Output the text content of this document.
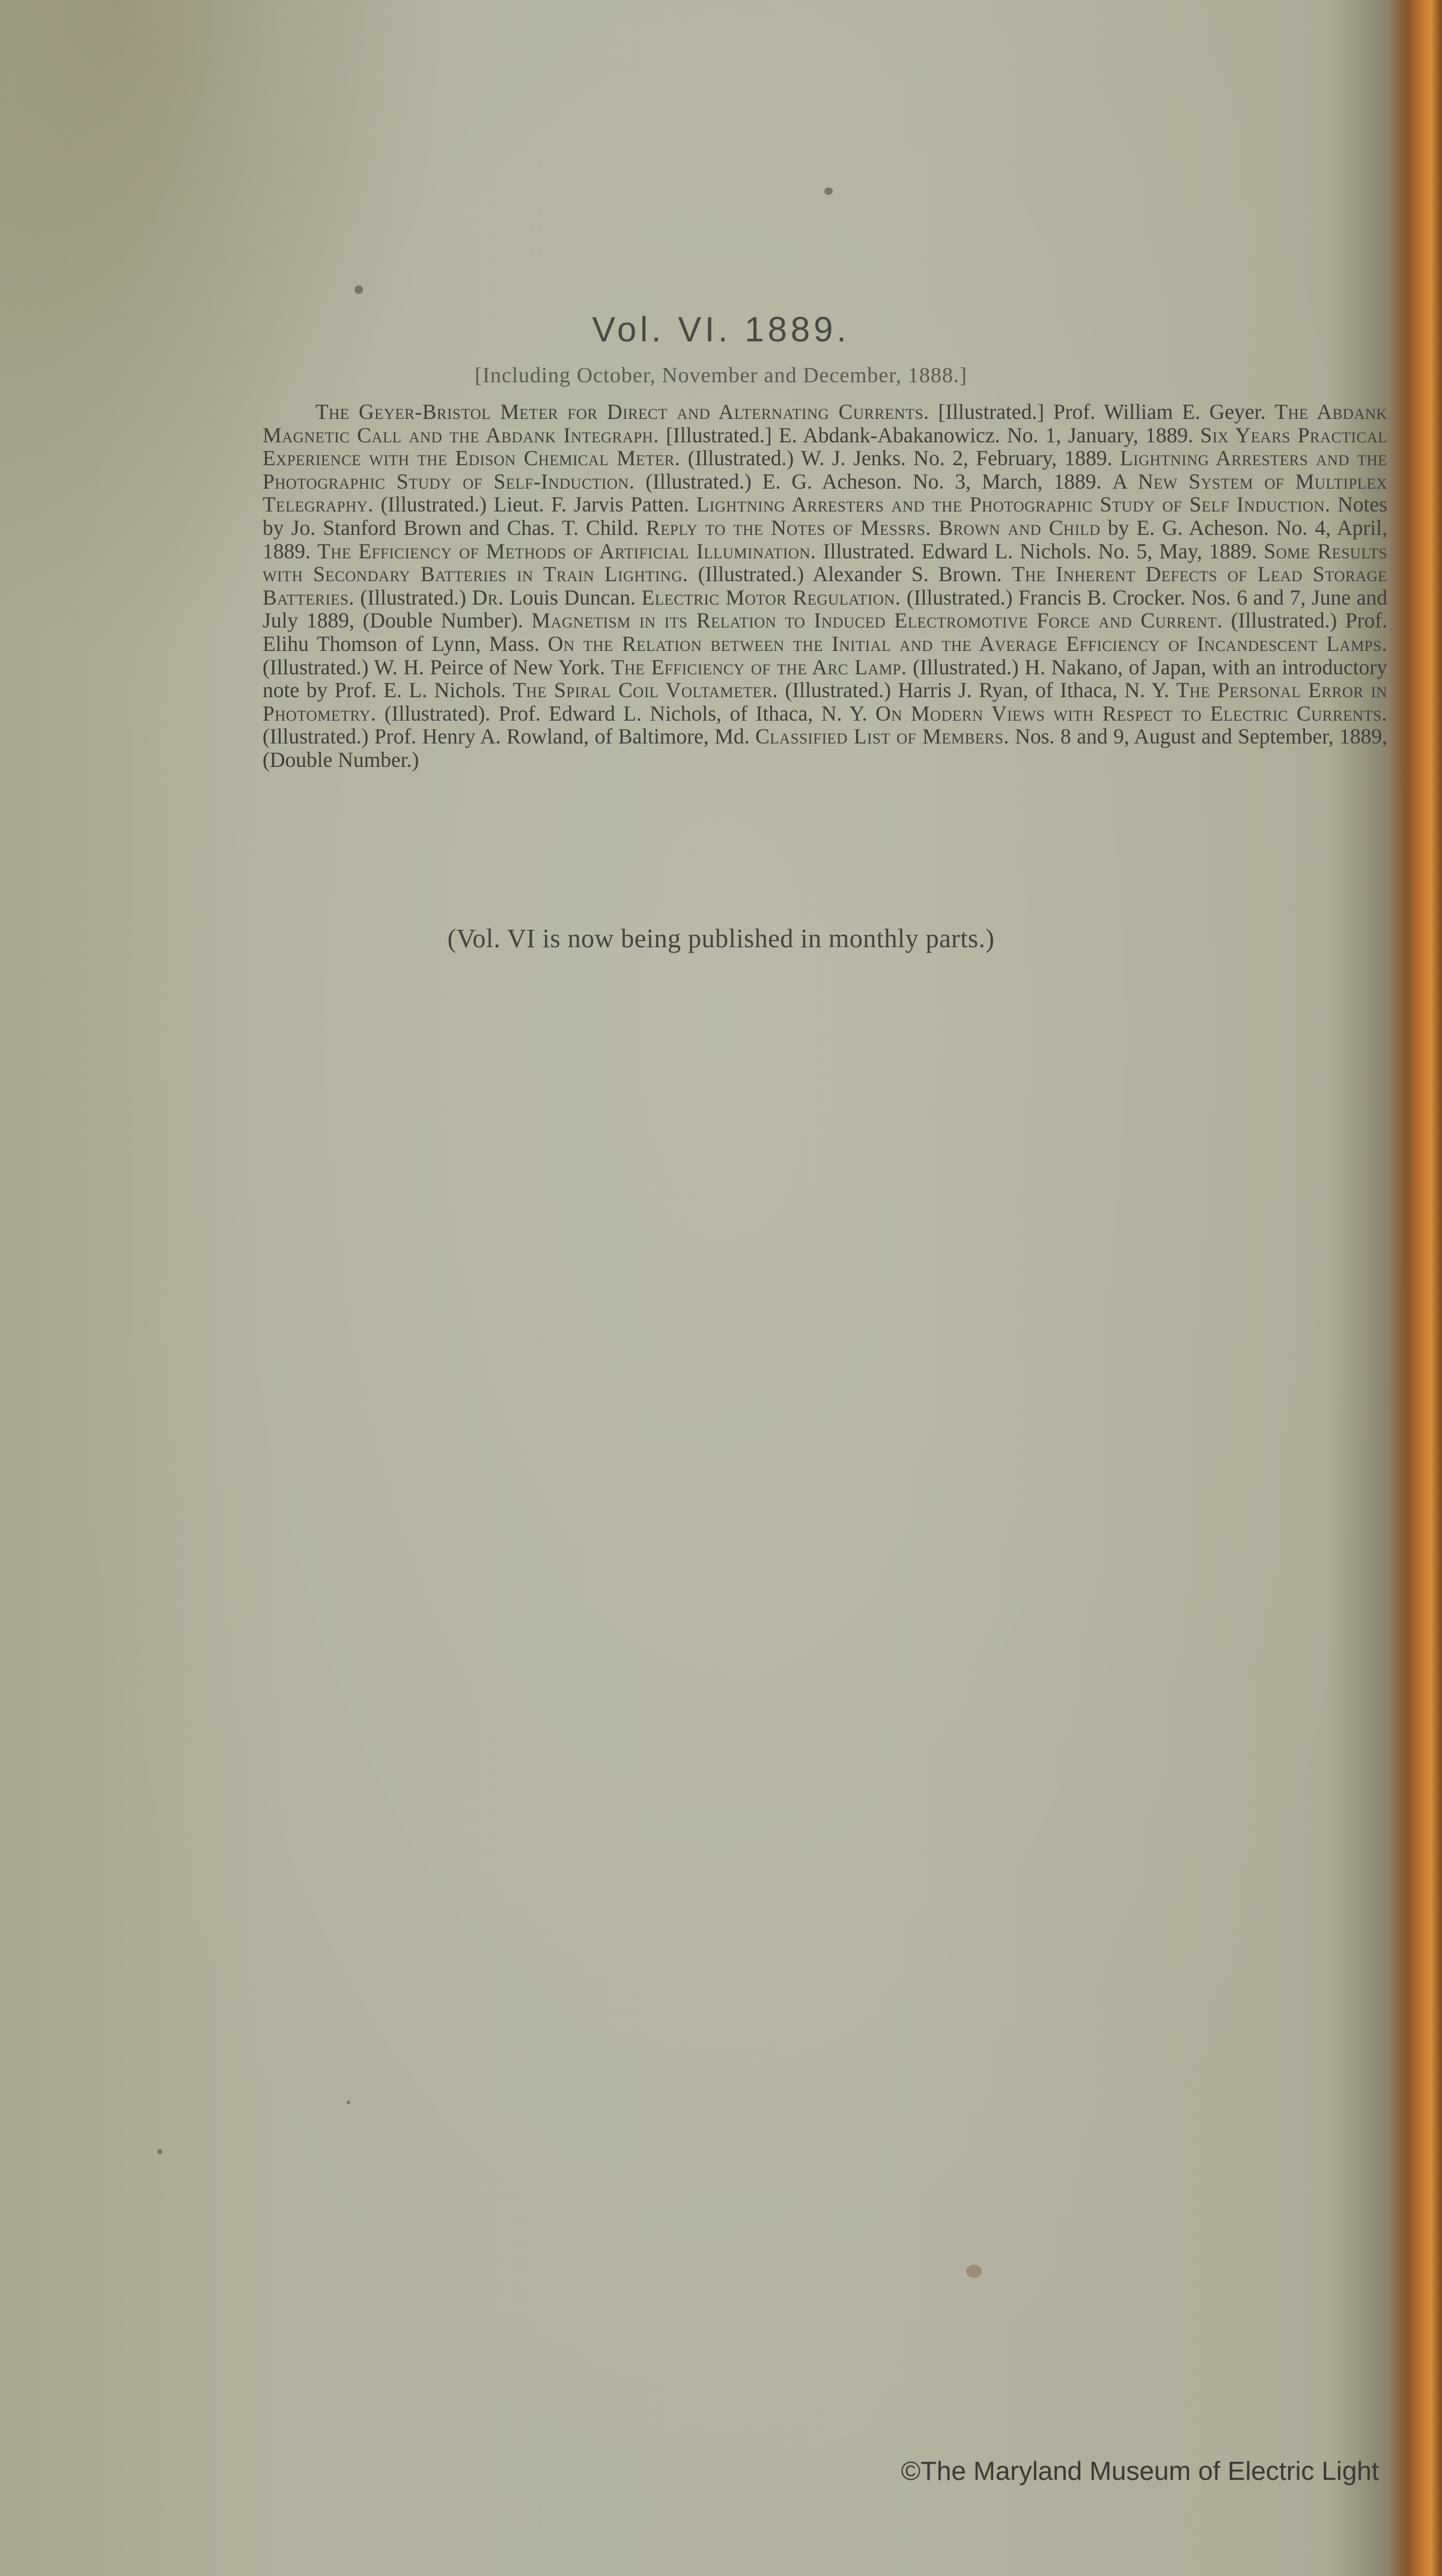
Vol. VI. 1889.
[Including October, November and December, 1888.]

The Geyer-Bristol Meter for Direct and Alternating Currents. [Illustrated.] Prof. William E. Geyer. The Abdank Magnetic Call and the Abdank Integraph. [Illustrated.] E. Abdank-Abakanowicz. No. 1, January, 1889. Six Years Practical Experience with the Edison Chemical Meter. (Illustrated.) W. J. Jenks. No. 2, February, 1889. Lightning Arresters and the Photographic Study of Self-Induction. (Illustrated.) E. G. Acheson. No. 3, March, 1889. A New System of Multiplex Telegraphy. (Illustrated.) Lieut. F. Jarvis Patten. Lightning Arresters and the Photographic Study of Self Induction. Notes by Jo. Stanford Brown and Chas. T. Child. Reply to the Notes of Messrs. Brown and Child by E. G. Acheson. No. 4, April, 1889. The Efficiency of Methods of Artificial Illumination. Illustrated. Edward L. Nichols. No. 5, May, 1889. Some Results with Secondary Batteries in Train Lighting. (Illustrated.) Alexander S. Brown. The Inherent Defects of Lead Storage Batteries. (Illustrated.) Dr. Louis Duncan. Electric Motor Regulation. (Illustrated.) Francis B. Crocker. Nos. 6 and 7, June and July 1889, (Double Number). Magnetism in its Relation to Induced Electromotive Force and Current. (Illustrated.) Prof. Elihu Thomson of Lynn, Mass. On the Relation between the Initial and the Average Efficiency of Incandescent Lamps. (Illustrated.) W. H. Peirce of New York. The Efficiency of the Arc Lamp. (Illustrated.) H. Nakano, of Japan, with an introductory note by Prof. E. L. Nichols. The Spiral Coil Voltameter. (Illustrated.) Harris J. Ryan, of Ithaca, N. Y. The Personal Error in Photometry. (Illustrated). Prof. Edward L. Nichols, of Ithaca, N. Y. On Modern Views with Respect to Electric Currents. (Illustrated.) Prof. Henry A. Rowland, of Baltimore, Md. Classified List of Members. Nos. 8 and 9, August and September, 1889, (Double Number.)

(Vol. VI is now being published in monthly parts.)
©The Maryland Museum of Electric Light
